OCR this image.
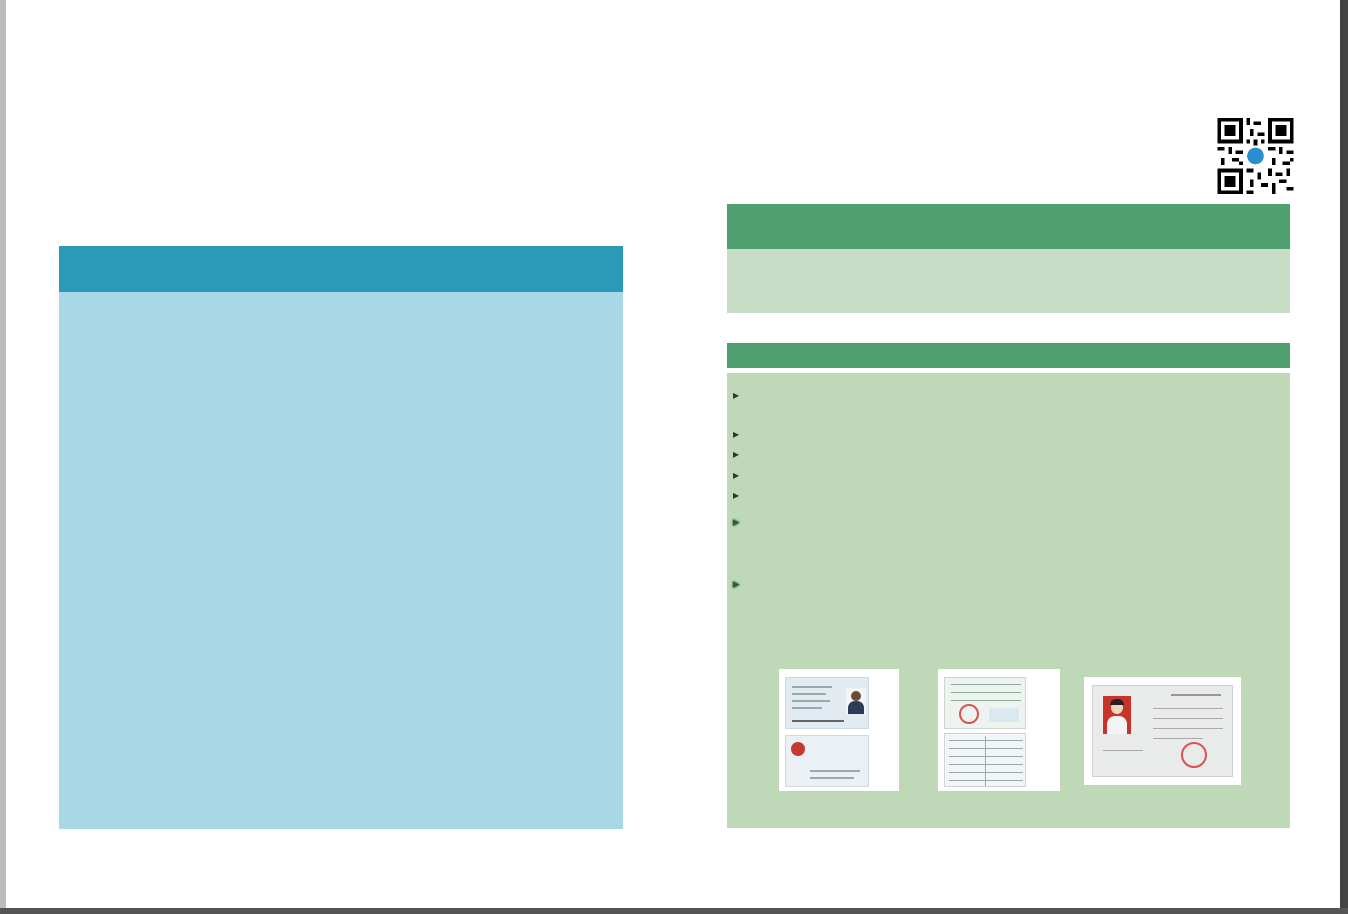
▸
▸
▸
▸
▸
▸
▸
